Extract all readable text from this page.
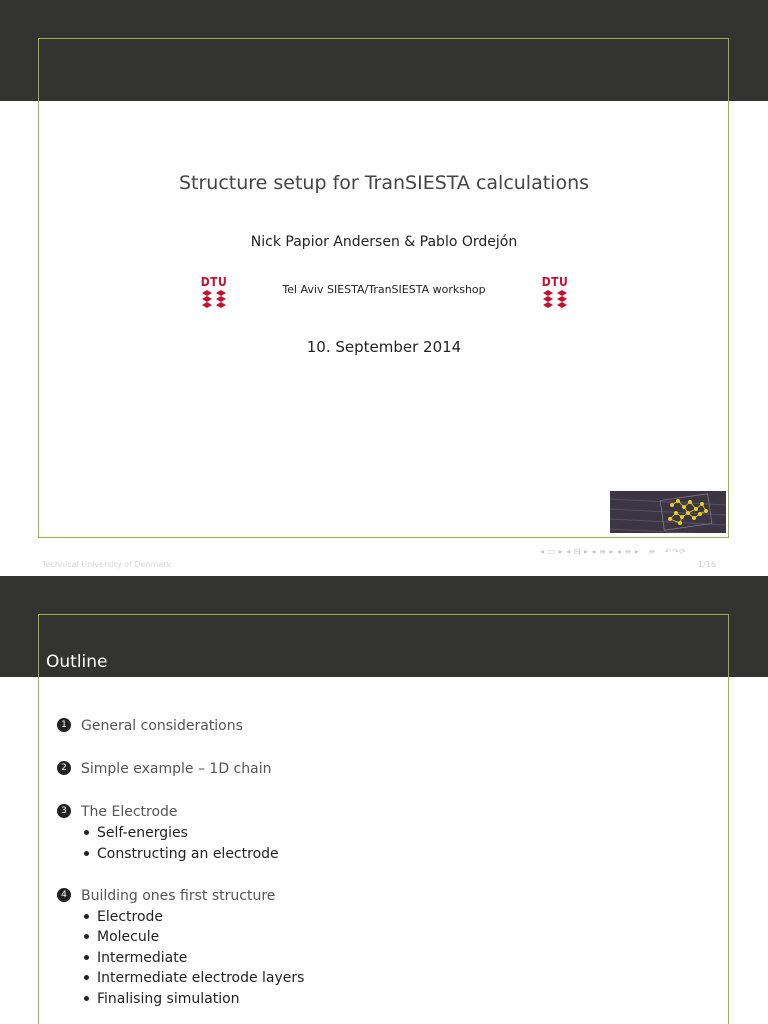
Structure setup for TranSIESTA calculations
Nick Papior Andersen & Pablo Ordejón
DTU
Tel Aviv SIESTA/TranSIESTA workshop
DTU
10. September 2014
◂ ▭ ▸ ◂ ⊟ ▸ ◂ ≡ ▸ ◂ ≡ ▸   ≡   ↶↷⟳
Technical University of Denmark	1/16
Outline
1 General considerations
2 Simple example – 1D chain
3 The Electrode
Self-energies
Constructing an electrode
4 Building ones first structure
Electrode
Molecule
Intermediate
Intermediate electrode layers
Finalising simulation
